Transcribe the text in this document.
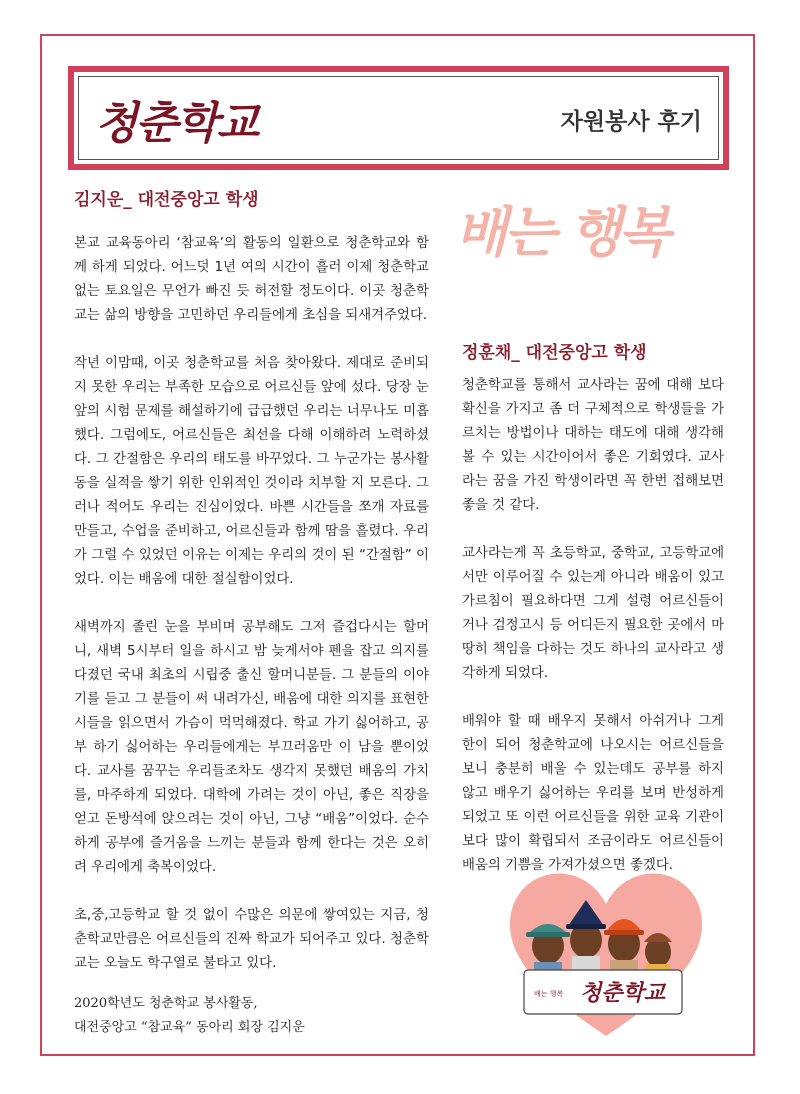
청춘학교	자원봉사 후기
김지운_ 대전중앙고 학생

본교 교육동아리 ‘참교육’의 활동의 일환으로 청춘학교와 함께 하게 되었다. 어느덧 1년 여의 시간이 흘러 이제 청춘학교 없는 토요일은 무언가 빠진 듯 허전할 정도이다. 이곳 청춘학교는 삶의 방향을 고민하던 우리들에게 초심을 되새겨주었다.

작년 이맘때, 이곳 청춘학교를 처음 찾아왔다. 제대로 준비되지 못한 우리는 부족한 모습으로 어르신들 앞에 섰다. 당장 눈 앞의 시험 문제를 해설하기에 급급했던 우리는 너무나도 미흡했다. 그럼에도, 어르신들은 최선을 다해 이해하려 노력하셨다. 그 간절함은 우리의 태도를 바꾸었다. 그 누군가는 봉사활동을 실적을 쌓기 위한 인위적인 것이라 치부할 지 모른다. 그러나 적어도 우리는 진심이었다. 바쁜 시간들을 쪼개 자료를 만들고, 수업을 준비하고, 어르신들과 함께 땀을 흘렸다. 우리가 그럴 수 있었던 이유는 이제는 우리의 것이 된 “간절함” 이었다. 이는 배움에 대한 절실함이었다.

새벽까지 졸린 눈을 부비며 공부해도 그저 즐겁다시는 할머니, 새벽 5시부터 일을 하시고 밤 늦게서야 펜을 잡고 의지를 다졌던 국내 최초의 시립중 출신 할머니분들. 그 분들의 이야기를 듣고 그 분들이 써 내려가신, 배움에 대한 의지를 표현한 시들을 읽으면서 가슴이 먹먹해졌다. 학교 가기 싫어하고, 공부 하기 싫어하는 우리들에게는 부끄러움만 이 남을 뿐이었다. 교사를 꿈꾸는 우리들조차도 생각지 못했던 배움의 가치를, 마주하게 되었다. 대학에 가려는 것이 아닌, 좋은 직장을 얻고 돈방석에 앉으려는 것이 아닌, 그냥 “배움”이었다. 순수하게 공부에 즐거움을 느끼는 분들과 함께 한다는 것은 오히려 우리에게 축복이었다.

초,중,고등학교 할 것 없이 수많은 의문에 쌓여있는 지금, 청춘학교만큼은 어르신들의 진짜 학교가 되어주고 있다. 청춘학교는 오늘도 학구열로 불타고 있다.

2020학년도 청춘학교 봉사활동,
대전중앙고 “참교육” 동아리 회장 김지운
배는 행복
정훈채_ 대전중앙고 학생

청춘학교를 통해서 교사라는 꿈에 대해 보다 확신을 가지고 좀 더 구체적으로 학생들을 가르치는 방법이나 대하는 태도에 대해 생각해 볼 수 있는 시간이어서 좋은 기회였다. 교사라는 꿈을 가진 학생이라면 꼭 한번 접해보면 좋을 것 같다.

교사라는게 꼭 초등학교, 중학교, 고등학교에서만 이루어질 수 있는게 아니라 배움이 있고 가르침이 필요하다면 그게 설령 어르신들이거나 검정고시 등 어디든지 필요한 곳에서 마땅히 책임을 다하는 것도 하나의 교사라고 생각하게 되었다.

배워야 할 때 배우지 못해서 아쉬거나 그게 한이 되어 청춘학교에 나오시는 어르신들을 보니 충분히 배울 수 있는데도 공부를 하지 않고 배우기 싫어하는 우리를 보며 반성하게 되었고 또 이런 어르신들을 위한 교육 기관이 보다 많이 확립되서 조금이라도 어르신들이 배움의 기쁨을 가져가셨으면 좋겠다.

배는 행복 청춘학교
